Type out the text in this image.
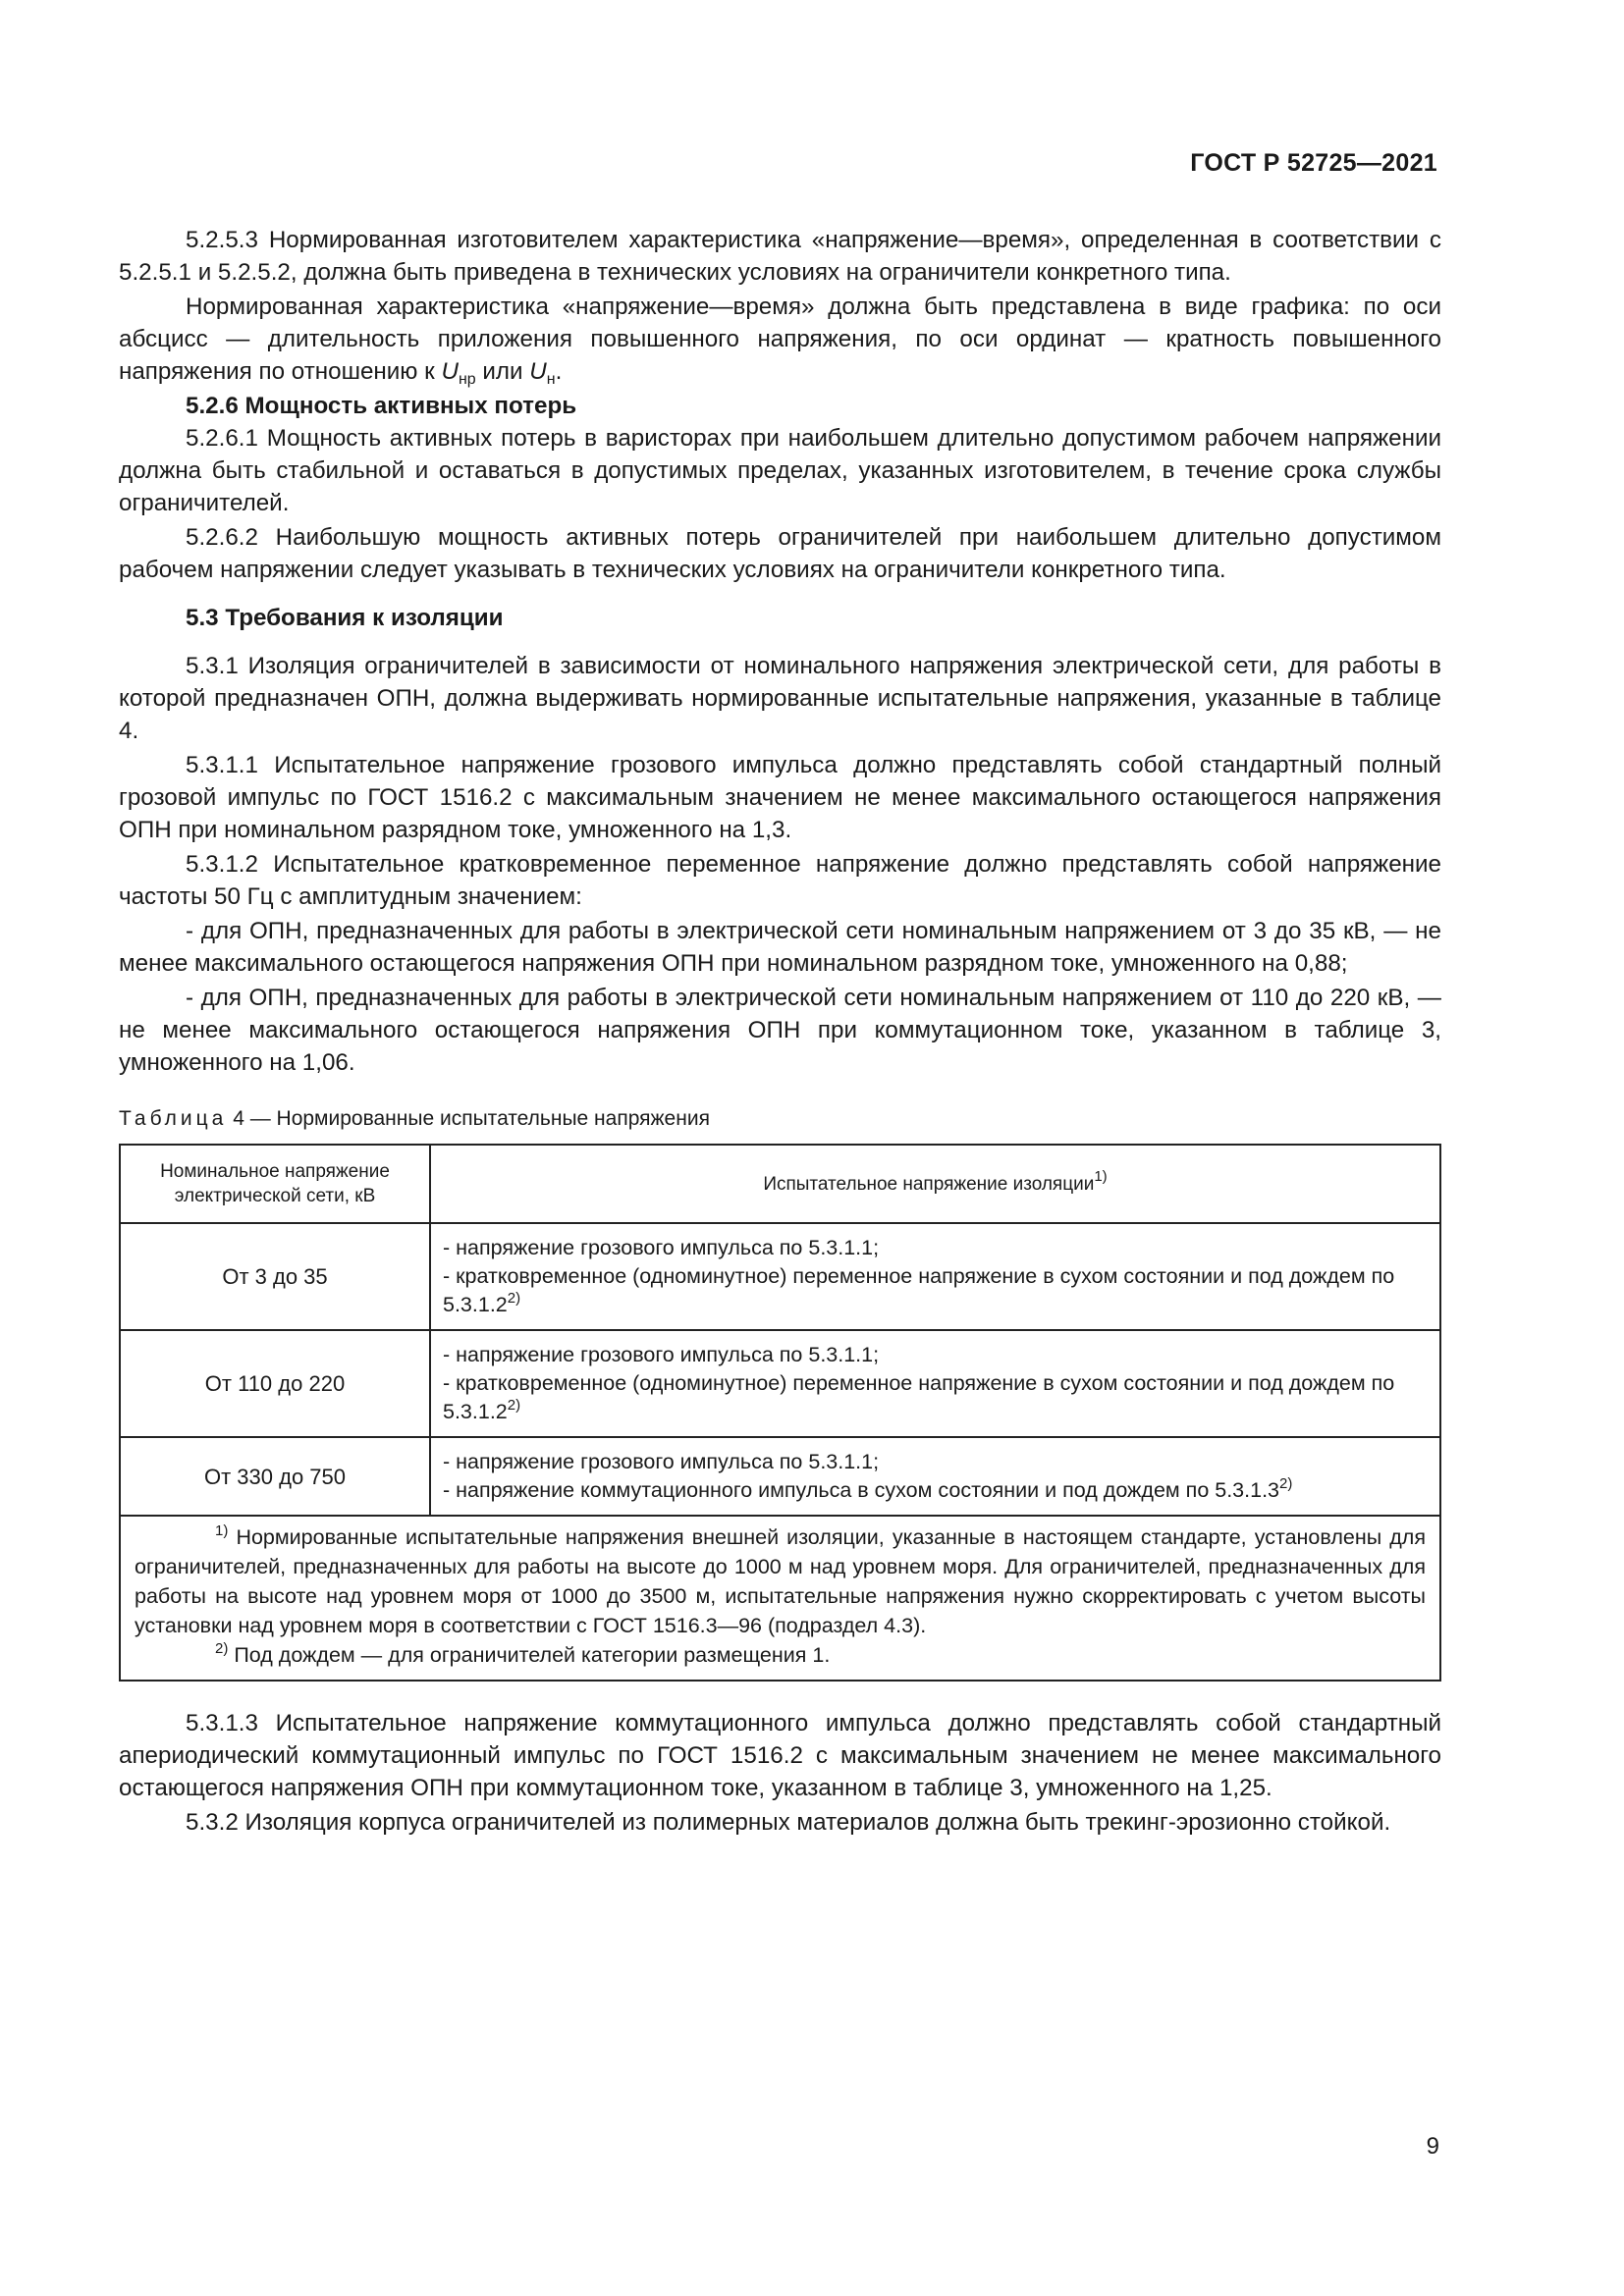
ГОСТ Р 52725—2021

5.2.5.3 Нормированная изготовителем характеристика «напряжение—время», определенная в соответствии с 5.2.5.1 и 5.2.5.2, должна быть приведена в технических условиях на ограничители конкретного типа.

Нормированная характеристика «напряжение—время» должна быть представлена в виде графика: по оси абсцисс — длительность приложения повышенного напряжения, по оси ординат — кратность повышенного напряжения по отношению к $U_{нр}$ или $U_н$.

5.2.6 Мощность активных потерь

5.2.6.1 Мощность активных потерь в варисторах при наибольшем длительно допустимом рабочем напряжении должна быть стабильной и оставаться в допустимых пределах, указанных изготовителем, в течение срока службы ограничителей.

5.2.6.2 Наибольшую мощность активных потерь ограничителей при наибольшем длительно допустимом рабочем напряжении следует указывать в технических условиях на ограничители конкретного типа.

5.3 Требования к изоляции

5.3.1 Изоляция ограничителей в зависимости от номинального напряжения электрической сети, для работы в которой предназначен ОПН, должна выдерживать нормированные испытательные напряжения, указанные в таблице 4.

5.3.1.1 Испытательное напряжение грозового импульса должно представлять собой стандартный полный грозовой импульс по ГОСТ 1516.2 с максимальным значением не менее максимального остающегося напряжения ОПН при номинальном разрядном токе, умноженного на 1,3.

5.3.1.2 Испытательное кратковременное переменное напряжение должно представлять собой напряжение частоты 50 Гц с амплитудным значением:

- для ОПН, предназначенных для работы в электрической сети номинальным напряжением от 3 до 35 кВ, — не менее максимального остающегося напряжения ОПН при номинальном разрядном токе, умноженного на 0,88;

- для ОПН, предназначенных для работы в электрической сети номинальным напряжением от 110 до 220 кВ, — не менее максимального остающегося напряжения ОПН при коммутационном токе, указанном в таблице 3, умноженного на 1,06.

Таблица 4 — Нормированные испытательные напряжения
Номинальное напряжение электрической сети, кВ	Испытательное напряжение изоляции$^{1)}$
От 3 до 35	- напряжение грозового импульса по 5.3.1.1;
- кратковременное (одноминутное) переменное напряжение в сухом состоянии и под дождем по 5.3.1.2$^{2)}$

От 110 до 220	- напряжение грозового импульса по 5.3.1.1;
- кратковременное (одноминутное) переменное напряжение в сухом состоянии и под дождем по 5.3.1.2$^{2)}$

От 330 до 750	- напряжение грозового импульса по 5.3.1.1;
- напряжение коммутационного импульса в сухом состоянии и под дождем по 5.3.1.3$^{2)}$

$^{1)}$ Нормированные испытательные напряжения внешней изоляции, указанные в настоящем стандарте, установлены для ограничителей, предназначенных для работы на высоте до 1000 м над уровнем моря. Для ограничителей, предназначенных для работы на высоте над уровнем моря от 1000 до 3500 м, испытательные напряжения нужно скорректировать с учетом высоты установки над уровнем моря в соответствии с ГОСТ 1516.3—96 (подраздел 4.3).
$^{2)}$ Под дождем — для ограничителей категории размещения 1.	

5.3.1.3 Испытательное напряжение коммутационного импульса должно представлять собой стандартный апериодический коммутационный импульс по ГОСТ 1516.2 с максимальным значением не менее максимального остающегося напряжения ОПН при коммутационном токе, указанном в таблице 3, умноженного на 1,25.

5.3.2 Изоляция корпуса ограничителей из полимерных материалов должна быть трекинг-эрозионно стойкой.

9
